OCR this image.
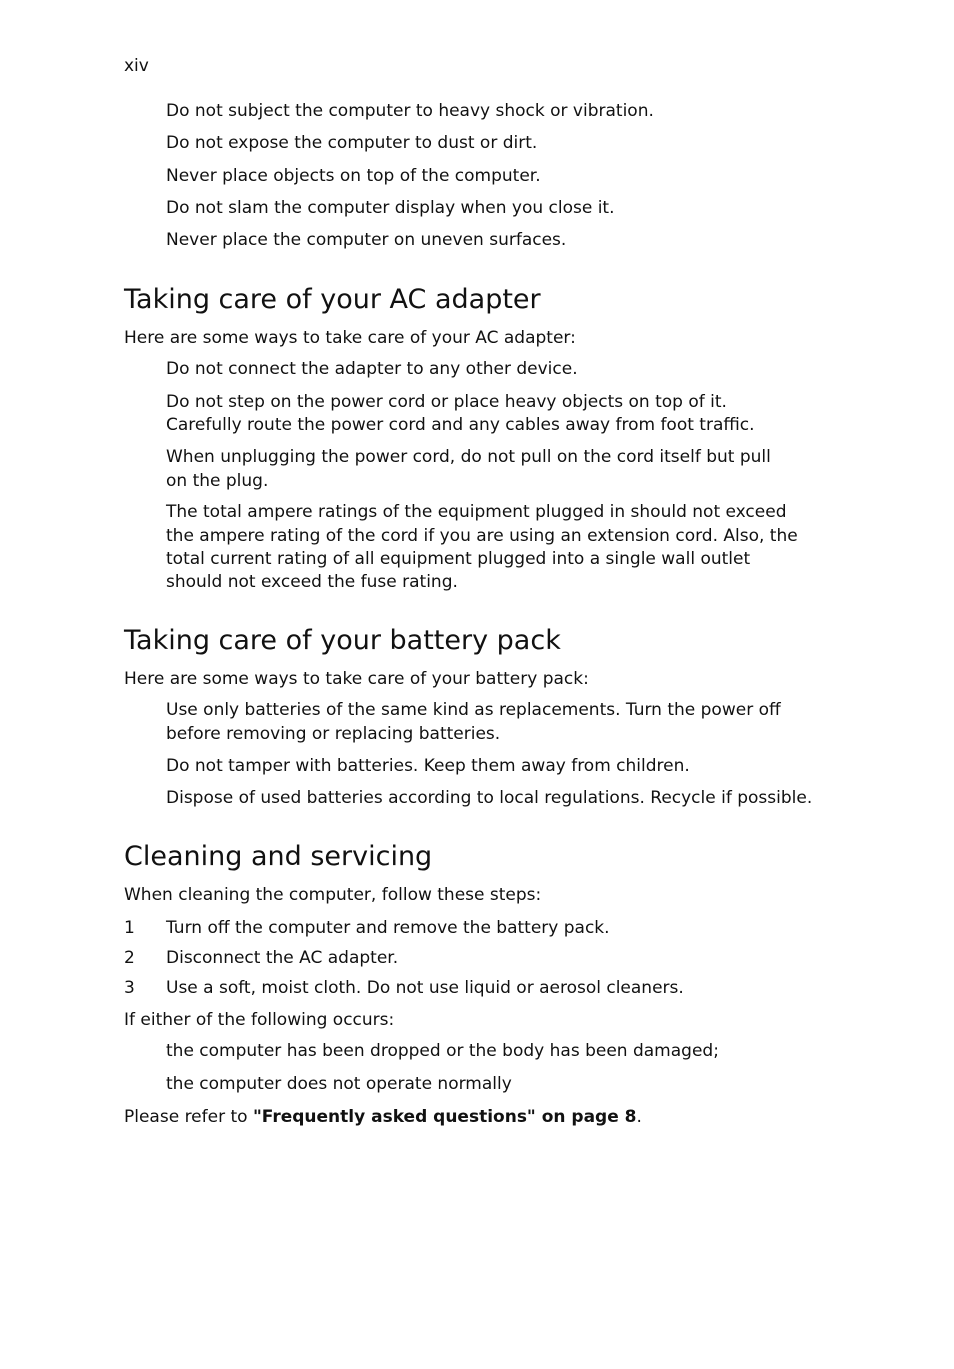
xiv
Do not subject the computer to heavy shock or vibration.
Do not expose the computer to dust or dirt.
Never place objects on top of the computer.
Do not slam the computer display when you close it.
Never place the computer on uneven surfaces.
Taking care of your AC adapter
Here are some ways to take care of your AC adapter:
Do not connect the adapter to any other device.
Do not step on the power cord or place heavy objects on top of it.
Carefully route the power cord and any cables away from foot traffic.
When unplugging the power cord, do not pull on the cord itself but pull
on the plug.
The total ampere ratings of the equipment plugged in should not exceed
the ampere rating of the cord if you are using an extension cord. Also, the
total current rating of all equipment plugged into a single wall outlet
should not exceed the fuse rating.
Taking care of your battery pack
Here are some ways to take care of your battery pack:
Use only batteries of the same kind as replacements. Turn the power off
before removing or replacing batteries.
Do not tamper with batteries. Keep them away from children.
Dispose of used batteries according to local regulations. Recycle if possible.
Cleaning and servicing
When cleaning the computer, follow these steps:
1 Turn off the computer and remove the battery pack.
2 Disconnect the AC adapter.
3 Use a soft, moist cloth. Do not use liquid or aerosol cleaners.
If either of the following occurs:
the computer has been dropped or the body has been damaged;
the computer does not operate normally
Please refer to "Frequently asked questions" on page 8.
